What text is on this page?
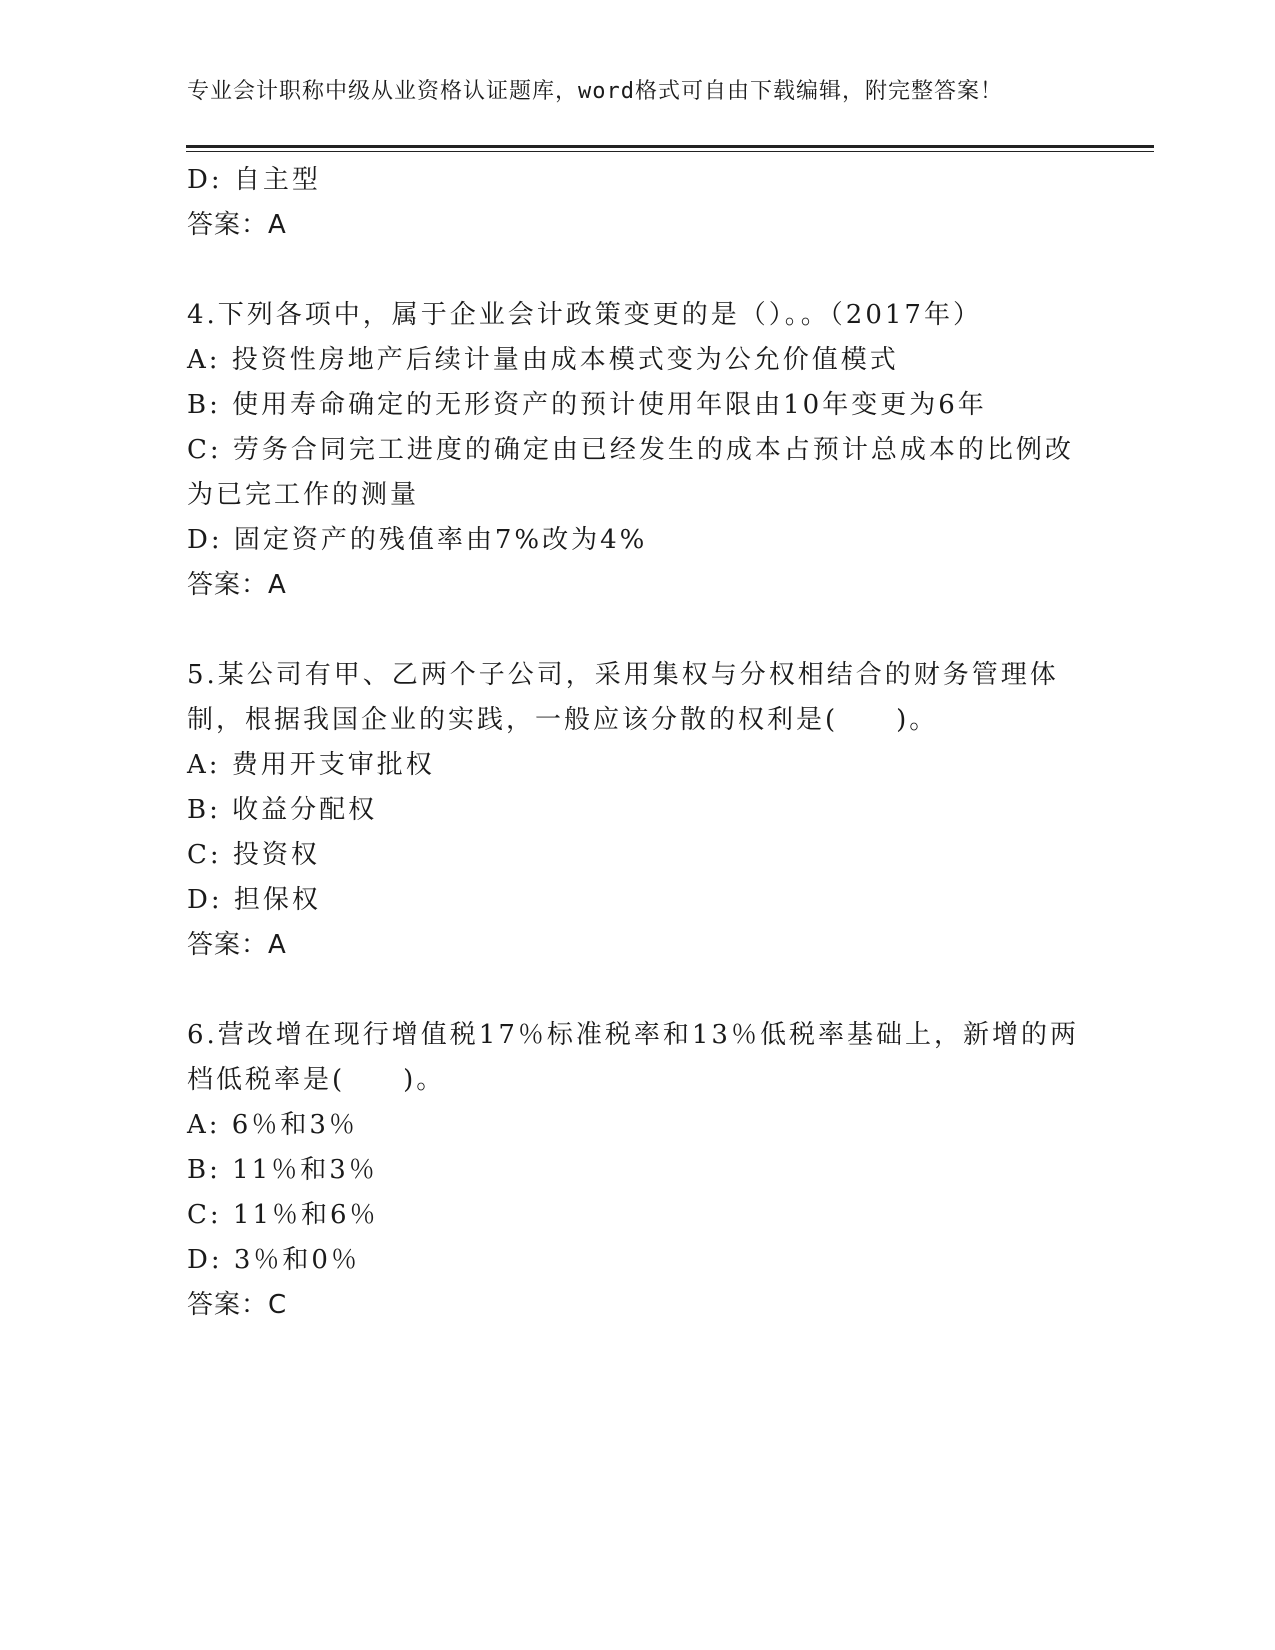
专业会计职称中级从业资格认证题库，word格式可自由下载编辑，附完整答案！
D: 自主型
答案：A
4.下列各项中，属于企业会计政策变更的是（）。。（2017年）
A: 投资性房地产后续计量由成本模式变为公允价值模式
B: 使用寿命确定的无形资产的预计使用年限由10年变更为6年
C: 劳务合同完工进度的确定由已经发生的成本占预计总成本的比例改
为已完工作的测量
D: 固定资产的残值率由7%改为4%
答案：A
5.某公司有甲、乙两个子公司，采用集权与分权相结合的财务管理体
制，根据我国企业的实践，一般应该分散的权利是(　　)。
A: 费用开支审批权
B: 收益分配权
C: 投资权
D: 担保权
答案：A
6.营改增在现行增值税17％标准税率和13％低税率基础上，新增的两
档低税率是(　　)。
A: 6％和3％
B: 11％和3％
C: 11％和6％
D: 3％和0％
答案：C
